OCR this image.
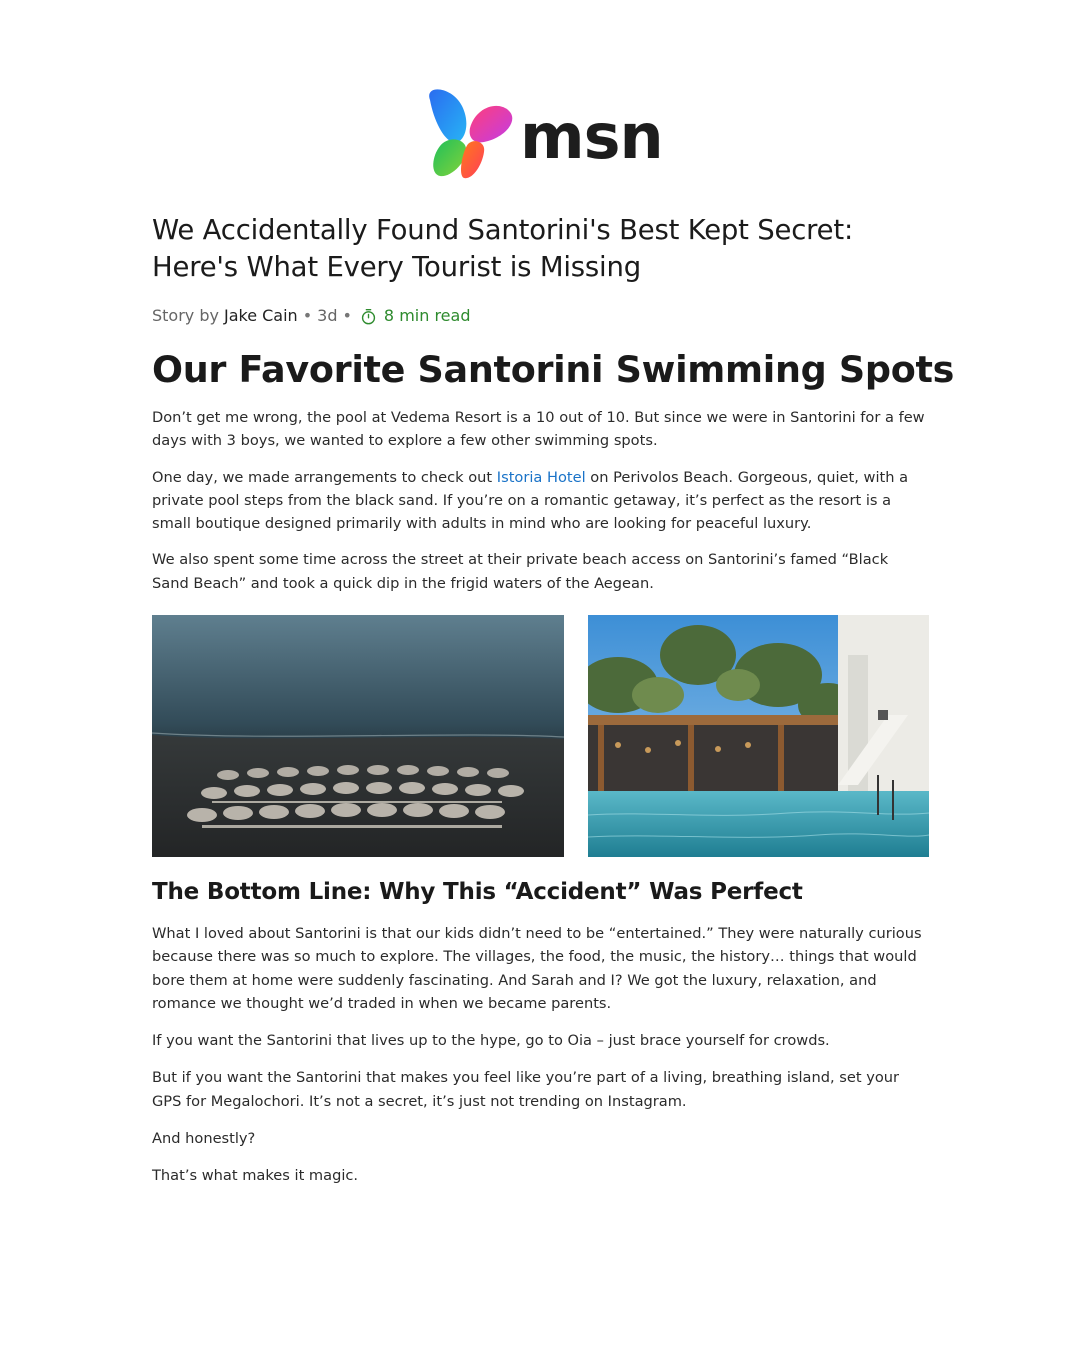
msn
We Accidentally Found Santorini's Best Kept Secret: Here's What Every Tourist is Missing
Story by Jake Cain • 3d • 8 min read
Our Favorite Santorini Swimming Spots

Don’t get me wrong, the pool at Vedema Resort is a 10 out of 10. But since we were in Santorini for a few days with 3 boys, we wanted to explore a few other swimming spots.

One day, we made arrangements to check out Istoria Hotel on Perivolos Beach. Gorgeous, quiet, with a private pool steps from the black sand. If you’re on a romantic getaway, it’s perfect as the resort is a small boutique designed primarily with adults in mind who are looking for peaceful luxury.

We also spent some time across the street at their private beach access on Santorini’s famed “Black Sand Beach” and took a quick dip in the frigid waters of the Aegean.

The Bottom Line: Why This “Accident” Was Perfect

What I loved about Santorini is that our kids didn’t need to be “entertained.” They were naturally curious because there was so much to explore. The villages, the food, the music, the history… things that would bore them at home were suddenly fascinating. And Sarah and I? We got the luxury, relaxation, and romance we thought we’d traded in when we became parents.

If you want the Santorini that lives up to the hype, go to Oia – just brace yourself for crowds.

But if you want the Santorini that makes you feel like you’re part of a living, breathing island, set your GPS for Megalochori. It’s not a secret, it’s just not trending on Instagram.

And honestly?

That’s what makes it magic.
